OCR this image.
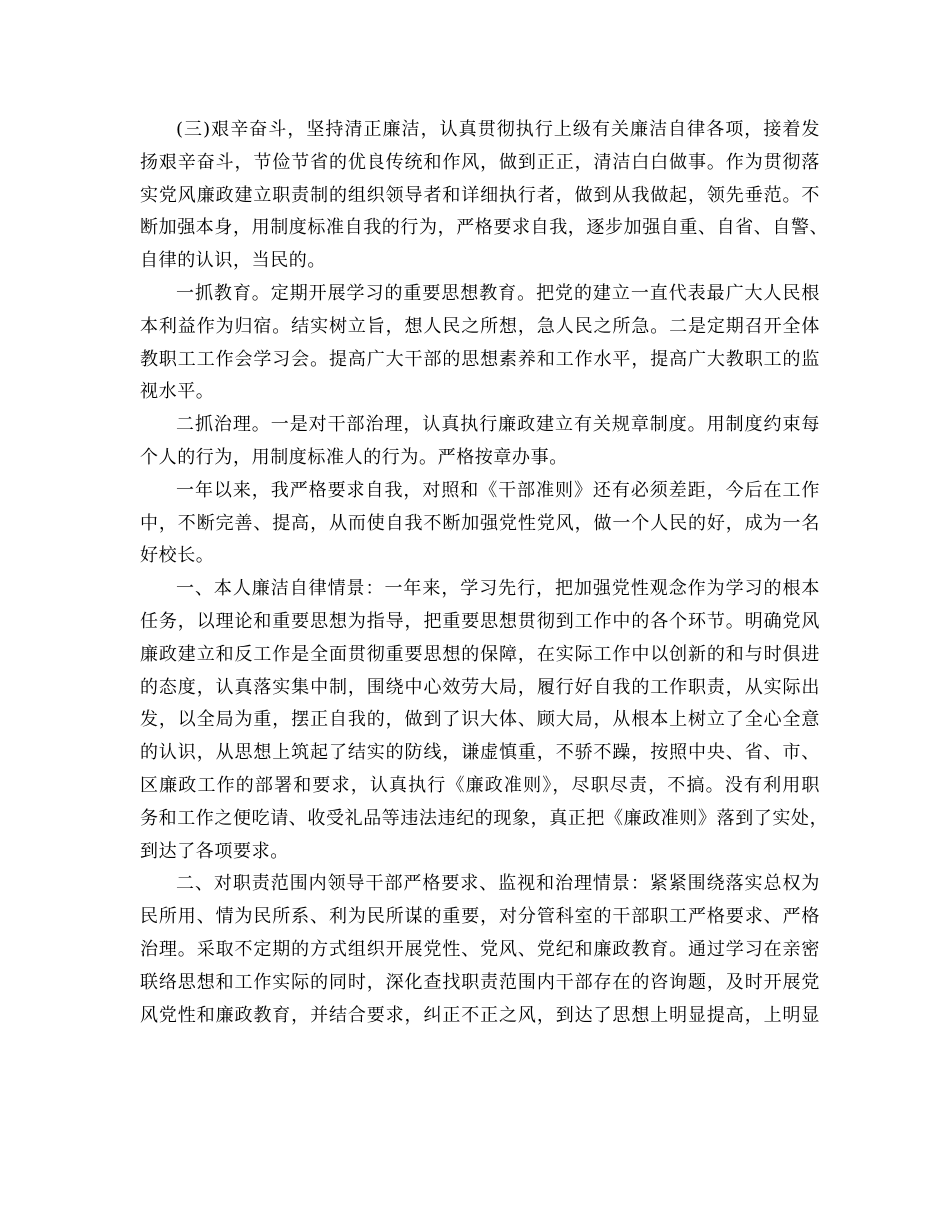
(三)艰辛奋斗，坚持清正廉洁，认真贯彻执行上级有关廉洁自律各项，接着发
扬艰辛奋斗，节俭节省的优良传统和作风，做到正正，清洁白白做事。作为贯彻落
实党风廉政建立职责制的组织领导者和详细执行者，做到从我做起，领先垂范。不
断加强本身，用制度标准自我的行为，严格要求自我，逐步加强自重、自省、自警、
自律的认识，当民的。
一抓教育。定期开展学习的重要思想教育。把党的建立一直代表最广大人民根
本利益作为归宿。结实树立旨，想人民之所想，急人民之所急。二是定期召开全体
教职工工作会学习会。提高广大干部的思想素养和工作水平，提高广大教职工的监
视水平。
二抓治理。一是对干部治理，认真执行廉政建立有关规章制度。用制度约束每
个人的行为，用制度标准人的行为。严格按章办事。
一年以来，我严格要求自我，对照和《干部准则》还有必须差距，今后在工作
中，不断完善、提高，从而使自我不断加强党性党风，做一个人民的好，成为一名
好校长。
一、本人廉洁自律情景：一年来，学习先行，把加强党性观念作为学习的根本
任务，以理论和重要思想为指导，把重要思想贯彻到工作中的各个环节。明确党风
廉政建立和反工作是全面贯彻重要思想的保障，在实际工作中以创新的和与时俱进
的态度，认真落实集中制，围绕中心效劳大局，履行好自我的工作职责，从实际出
发，以全局为重，摆正自我的，做到了识大体、顾大局，从根本上树立了全心全意
的认识，从思想上筑起了结实的防线，谦虚慎重，不骄不躁，按照中央、省、市、
区廉政工作的部署和要求，认真执行《廉政准则》，尽职尽责，不搞。没有利用职
务和工作之便吃请、收受礼品等违法违纪的现象，真正把《廉政准则》落到了实处，
到达了各项要求。
二、对职责范围内领导干部严格要求、监视和治理情景：紧紧围绕落实总权为
民所用、情为民所系、利为民所谋的重要，对分管科室的干部职工严格要求、严格
治理。采取不定期的方式组织开展党性、党风、党纪和廉政教育。通过学习在亲密
联络思想和工作实际的同时，深化查找职责范围内干部存在的咨询题，及时开展党
风党性和廉政教育，并结合要求，纠正不正之风，到达了思想上明显提高，上明显
